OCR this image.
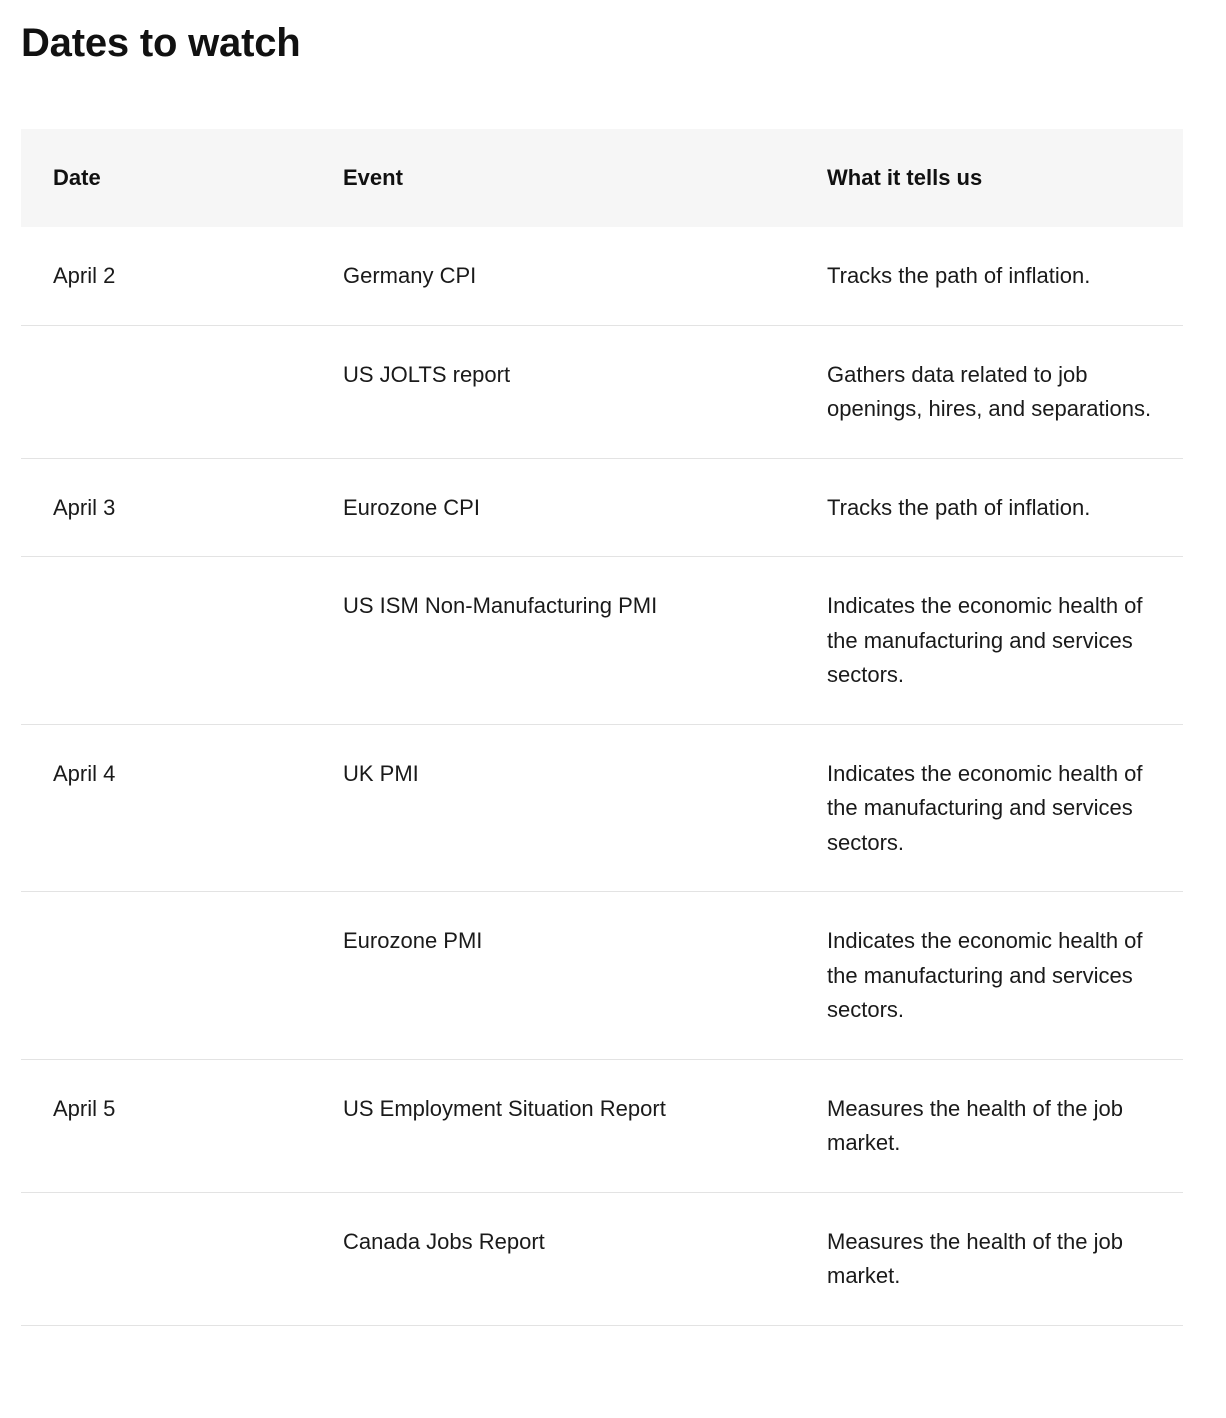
Dates to watch
Date	Event	What it tells us
April 2	Germany CPI	Tracks the path of inflation.
	US JOLTS report	Gathers data related to job openings, hires, and separations.
April 3	Eurozone CPI	Tracks the path of inflation.
	US ISM Non-Manufacturing PMI	Indicates the economic health of the manufacturing and services sectors.
April 4	UK PMI	Indicates the economic health of the manufacturing and services sectors.
	Eurozone PMI	Indicates the economic health of the manufacturing and services sectors.
April 5	US Employment Situation Report	Measures the health of the job market.
	Canada Jobs Report	Measures the health of the job market.
